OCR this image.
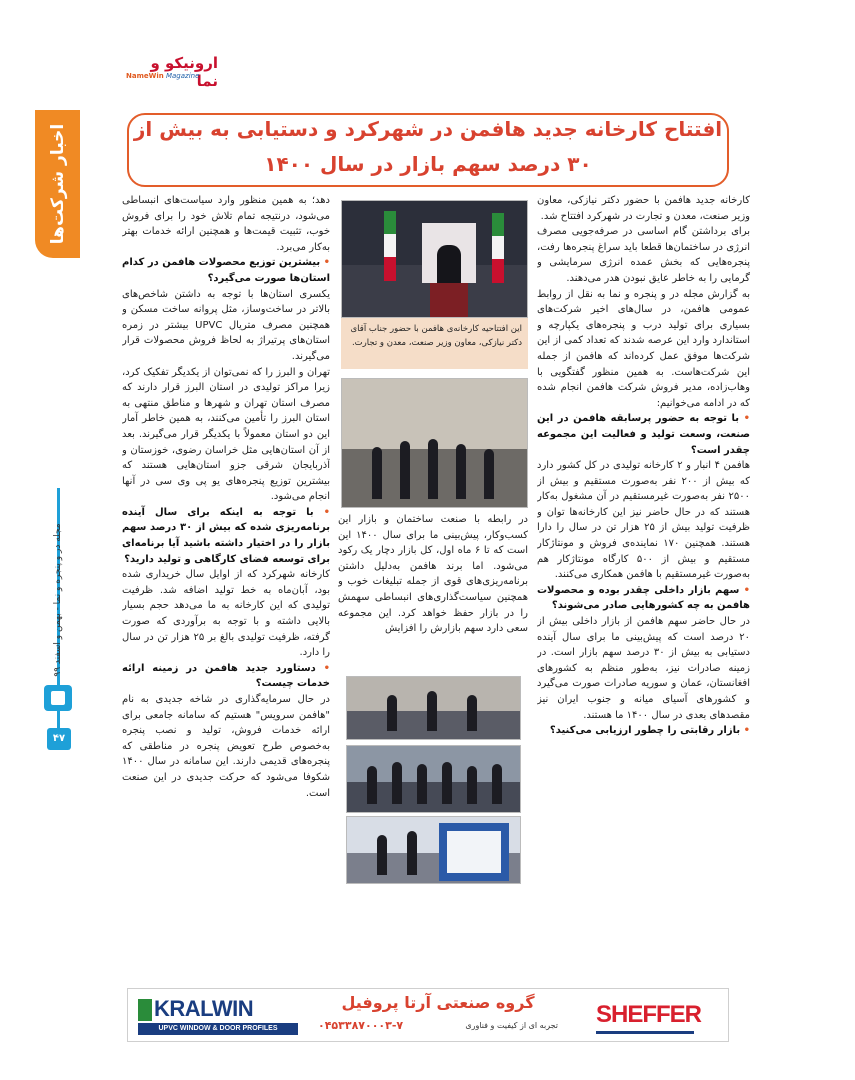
ارونیکو و نما
NameWin Magazine
اخبار شرکت‌ها
مجله در و پنجره و نما - بهمن و اسفند ۹۹
۴۷
افتتاح کارخانه جدید هافمن در شهرکرد و دستیابی به بیش از
۳۰ درصد سهم بازار در سال ۱۴۰۰

کارخانه جدید هافمن با حضور دکتر نیازکی، معاون وزیر صنعت، معدن و تجارت در شهرکرد افتتاح شد.

برای برداشتن گام اساسی در صرفه‌جویی مصرف انرژی در ساختمان‌ها قطعا باید سراغ پنجره‌ها رفت، پنجره‌هایی که بخش عمده انرژی سرمایشی و گرمایی را به خاطر عایق نبودن هدر می‌دهند.

به گزارش مجله در و پنجره و نما به نقل از روابط عمومی هافمن، در سال‌های اخیر شرکت‌های بسیاری برای تولید درب و پنجره‌های یکپارچه و استاندارد وارد این عرصه شدند که تعداد کمی از این شرکت‌ها موفق عمل کرده‌اند که هافمن از جمله این شرکت‌هاست. به همین منظور گفتگویی با وهاب‌زاده، مدیر فروش شرکت هافمن انجام شده که در ادامه می‌خوانیم:

• با توجه به حضور پرسابقه هافمن در این صنعت، وسعت تولید و فعالیت این مجموعه چقدر است؟

هافمن ۴ انبار و ۲ کارخانه تولیدی در کل کشور دارد که بیش از ۲۰۰ نفر به‌صورت مستقیم و بیش از ۲۵۰۰ نفر به‌صورت غیرمستقیم در آن مشغول به‌کار هستند که در حال حاضر نیز این کارخانه‌ها توان و ظرفیت تولید بیش از ۲۵ هزار تن در سال را دارا هستند. همچنین ۱۷۰ نماینده‌ی فروش و مونتاژکار مستقیم و بیش از ۵۰۰ کارگاه مونتاژکار هم به‌صورت غیرمستقیم با هافمن همکاری می‌کنند.

• سهم بازار داخلی چقدر بوده و محصولات هافمن به چه کشورهایی صادر می‌شوند؟

در حال حاضر سهم هافمن از بازار داخلی بیش از ۲۰ درصد است که پیش‌بینی ما برای سال آینده دستیابی به بیش از ۳۰ درصد سهم بازار است. در زمینه صادرات نیز، به‌طور منظم به کشورهای افغانستان، عمان و سوریه صادرات صورت می‌گیرد و کشورهای آسیای میانه و جنوب ایران نیز مقصدهای بعدی در سال ۱۴۰۰ ما هستند.

• بازار رقابتی را چطور ارزیابی می‌کنید؟

این افتتاحیه کارخانه‌ی هافمن با حضور جناب آقای دکتر نیازکی، معاون وزیر صنعت، معدن و تجارت.
در رابطه با صنعت ساختمان و بازار این کسب‌وکار، پیش‌بینی ما برای سال ۱۴۰۰ این است که تا ۶ ماه اول، کل بازار دچار یک رکود می‌شود. اما برند هافمن به‌دلیل داشتن برنامه‌ریزی‌های قوی از جمله تبلیغات خوب و همچنین سیاست‌گذاری‌های انبساطی سهمش را در بازار حفظ خواهد کرد. این مجموعه سعی دارد سهم بازارش را افزایش

دهد؛ به همین منظور وارد سیاست‌های انبساطی می‌شود، درنتیجه تمام تلاش خود را برای فروش خوب، تثبیت قیمت‌ها و همچنین ارائه خدمات بهتر به‌کار می‌برد.

• بیشترین توزیع محصولات هافمن در کدام استان‌ها صورت می‌گیرد؟

یکسری استان‌ها با توجه به داشتن شاخص‌های بالاتر در ساخت‌وساز، مثل پروانه ساخت مسکن و همچنین مصرف متریال UPVC بیشتر در زمره استان‌های پرتیراژ به لحاظ فروش محصولات قرار می‌گیرند.

تهران و البرز را که نمی‌توان از یکدیگر تفکیک کرد، زیرا مراکز تولیدی در استان البرز قرار دارند که مصرف استان تهران و شهرها و مناطق منتهی به استان البرز را تأمین می‌کنند، به همین خاطر آمار این دو استان معمولاً با یکدیگر قرار می‌گیرند. بعد از آن استان‌هایی مثل خراسان رضوی، خوزستان و آذربایجان شرقی جزو استان‌هایی هستند که بیشترین توزیع پنجره‌های یو پی وی سی در آنها انجام می‌شود.

• با توجه به اینکه برای سال آینده برنامه‌ریزی شده که بیش از ۳۰ درصد سهم بازار را در اختیار داشته باشید آیا برنامه‌ای برای توسعه فضای کارگاهی و تولید دارید؟

کارخانه شهرکرد که از اوایل سال خریداری شده بود، آبان‌ماه به خط تولید اضافه شد. ظرفیت تولیدی که این کارخانه به ما می‌دهد حجم بسیار بالایی داشته و با توجه به برآوردی که صورت گرفته، ظرفیت تولیدی بالغ بر ۲۵ هزار تن در سال را دارد.

• دستاورد جدید هافمن در زمینه ارائه خدمات چیست؟

در حال سرمایه‌گذاری در شاخه جدیدی به نام "هافمن سرویس" هستیم که سامانه جامعی برای ارائه خدمات فروش، تولید و نصب پنجره به‌خصوص طرح تعویض پنجره در مناطقی که پنجره‌های قدیمی دارند. این سامانه در سال ۱۴۰۰ شکوفا می‌شود که حرکت جدیدی در این صنعت است.

KRALWIN
UPVC WINDOW & DOOR PROFILES
گروه صنعتی آرتا پروفیل
تجربه ای از کیفیت و فناوری
۰۴۵۳۳۸۷۰۰۰۳-۷	SHEFFER
